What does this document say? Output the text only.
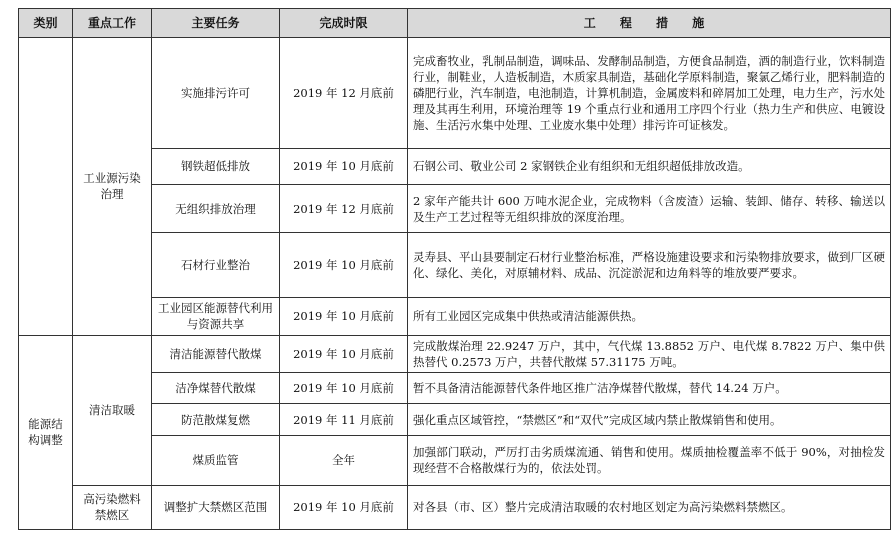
类别	重点工作	主要任务	完成时限	工 程 措 施
	工业源污染治理	实施排污许可	2019 年 12 月底前	完成畜牧业，乳制品制造，调味品、发酵制品制造，方便食品制造，酒的制造行业，饮料制造行业，制鞋业，人造板制造，木质家具制造，基础化学原料制造，聚氯乙烯行业，肥料制造的磷肥行业，汽车制造，电池制造，计算机制造，金属废料和碎屑加工处理，电力生产，污水处理及其再生利用，环境治理等 19 个重点行业和通用工序四个行业（热力生产和供应、电镀设施、生活污水集中处理、工业废水集中处理）排污许可证核发。
		钢铁超低排放	2019 年 10 月底前	石钢公司、敬业公司 2 家钢铁企业有组织和无组织超低排放改造。
		无组织排放治理	2019 年 12 月底前	2 家年产能共计 600 万吨水泥企业，完成物料（含废渣）运输、装卸、储存、转移、输送以及生产工艺过程等无组织排放的深度治理。
		石材行业整治	2019 年 10 月底前	灵寿县、平山县要制定石材行业整治标准，严格设施建设要求和污染物排放要求，做到厂区硬化、绿化、美化，对原辅材料、成品、沉淀淤泥和边角料等的堆放要严要求。
		工业园区能源替代利用与资源共享	2019 年 10 月底前	所有工业园区完成集中供热或清洁能源供热。
能源结构调整	清洁取暖	清洁能源替代散煤	2019 年 10 月底前	完成散煤治理 22.9247 万户，其中，气代煤 13.8852 万户、电代煤 8.7822 万户、集中供热替代 0.2573 万户，共替代散煤 57.31175 万吨。
		洁净煤替代散煤	2019 年 10 月底前	暂不具备清洁能源替代条件地区推广洁净煤替代散煤，替代 14.24 万户。
		防范散煤复燃	2019 年 11 月底前	强化重点区域管控，“禁燃区”和“双代”完成区域内禁止散煤销售和使用。
		煤质监管	全年	加强部门联动，严厉打击劣质煤流通、销售和使用。煤质抽检覆盖率不低于 90%，对抽检发现经营不合格散煤行为的，依法处罚。
	高污染燃料禁燃区	调整扩大禁燃区范围	2019 年 10 月底前	对各县（市、区）整片完成清洁取暖的农村地区划定为高污染燃料禁燃区。
